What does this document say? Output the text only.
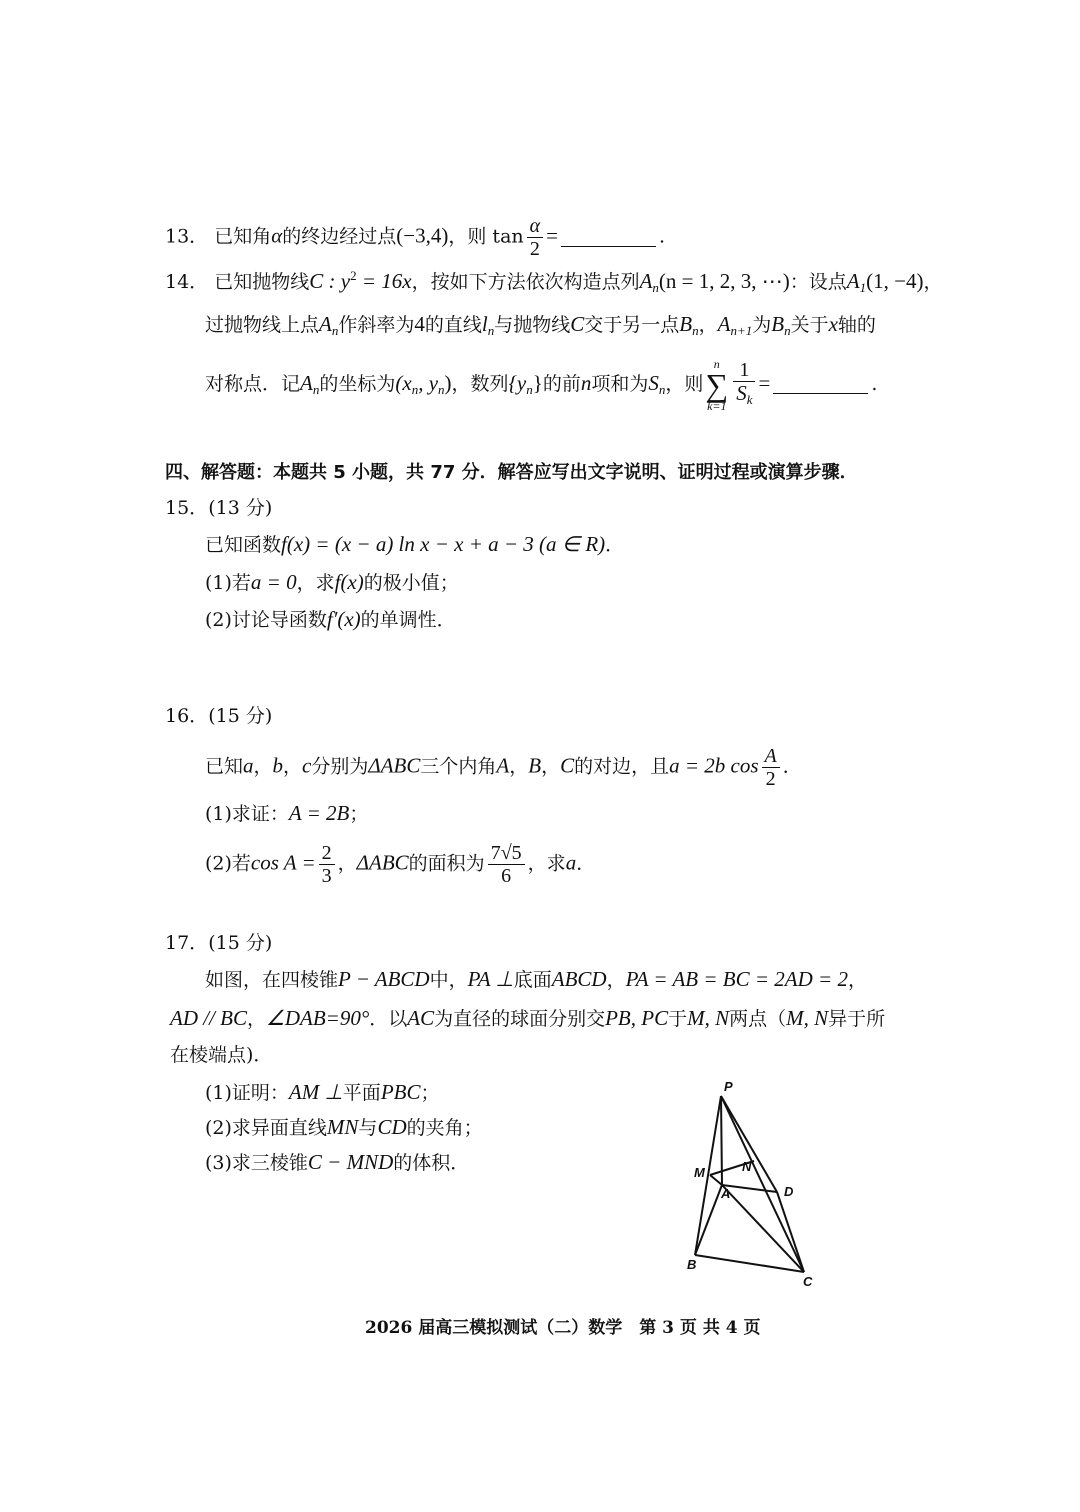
13． 已知角α的终边经过点(−3,4)，则 $\tan \frac{\alpha}{2}$ =	.
14． 已知抛物线C : $y^2 = 16x$，按如下方法依次构造点列$A_n(n = 1$, 2, 3, ⋯)：设点$A_1(1$, −4)，
过抛物线上点$A_n$作斜率为4的直线$l_n$与抛物线C交于另一点$B_n$，$A_{n+1}$为$B_n$关于x轴的
对称点．记$A_n$的坐标为($x_n$, $y_n$)，数列$\{y_n\}$的前n项和为$S_n$，则
n
∑
$k=1 \frac{1}{S_k}$ =	.
四、解答题：本题共 5 小题，共 77 分．解答应写出文字说明、证明过程或演算步骤．
15．(13 分)
已知函数f(x) = (x − a) ln x − x + a − 3 (a ∈ R)．
(1)若a = 0，求f(x)的极小值；
(2)讨论导函数f′(x)的单调性．
16．(15 分)
已知a，b，c分别为ΔABC三个内角A，B，C的对边，且a = 2b $\cos \frac{A}{2}$ ．
(1)求证：A = 2B；
(2)若$\cos A = \frac{2}{3}$ ，ΔABC的面积为 $\frac{7√5}{6}$ ，求a．
17．(15 分)
如图，在四棱锥P − ABCD中，PA ⊥底面ABCD，PA = AB = BC = 2AD = 2，
AD // BC，∠DAB=90°．以AC为直径的球面分别交PB, PC于M, N两点（M, N异于所
在棱端点)．
(1)证明：AM ⊥平面PBC；
(2)求异面直线MN与CD的夹角；
(3)求三棱锥C − MND的体积．
P
M	N
A	D
B
C
2026 届高三模拟测试（二）数学　第 3 页 共 4 页
